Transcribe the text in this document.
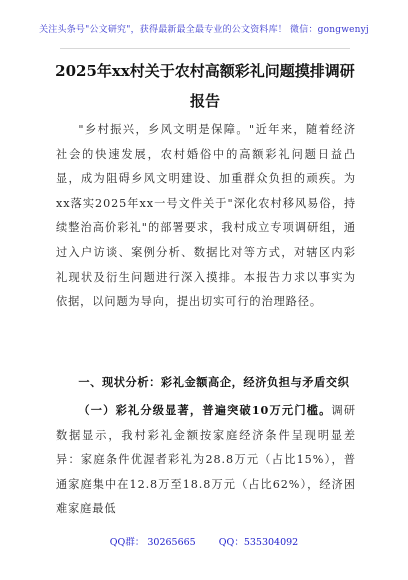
关注头条号"公文研究"，获得最新最全最专业的公文资料库！ 微信：gongwenyj
2025年xx村关于农村高额彩礼问题摸排调研报告
"乡村振兴，乡风文明是保障。"近年来，随着经济社会的快速发展，农村婚俗中的高额彩礼问题日益凸显，成为阻碍乡风文明建设、加重群众负担的顽疾。为xx落实2025年xx一号文件关于"深化农村移风易俗，持续整治高价彩礼"的部署要求，我村成立专项调研组，通过入户访谈、案例分析、数据比对等方式，对辖区内彩礼现状及衍生问题进行深入摸排。本报告力求以事实为依据，以问题为导向，提出切实可行的治理路径。
一、现状分析：彩礼金额高企，经济负担与矛盾交织
（一）彩礼分级显著，普遍突破10万元门槛。调研数据显示，我村彩礼金额按家庭经济条件呈现明显差异：家庭条件优渥者彩礼为28.8万元（占比15%），普通家庭集中在12.8万至18.8万元（占比62%），经济困难家庭最低
QQ群： 30265665 QQ：535304092
